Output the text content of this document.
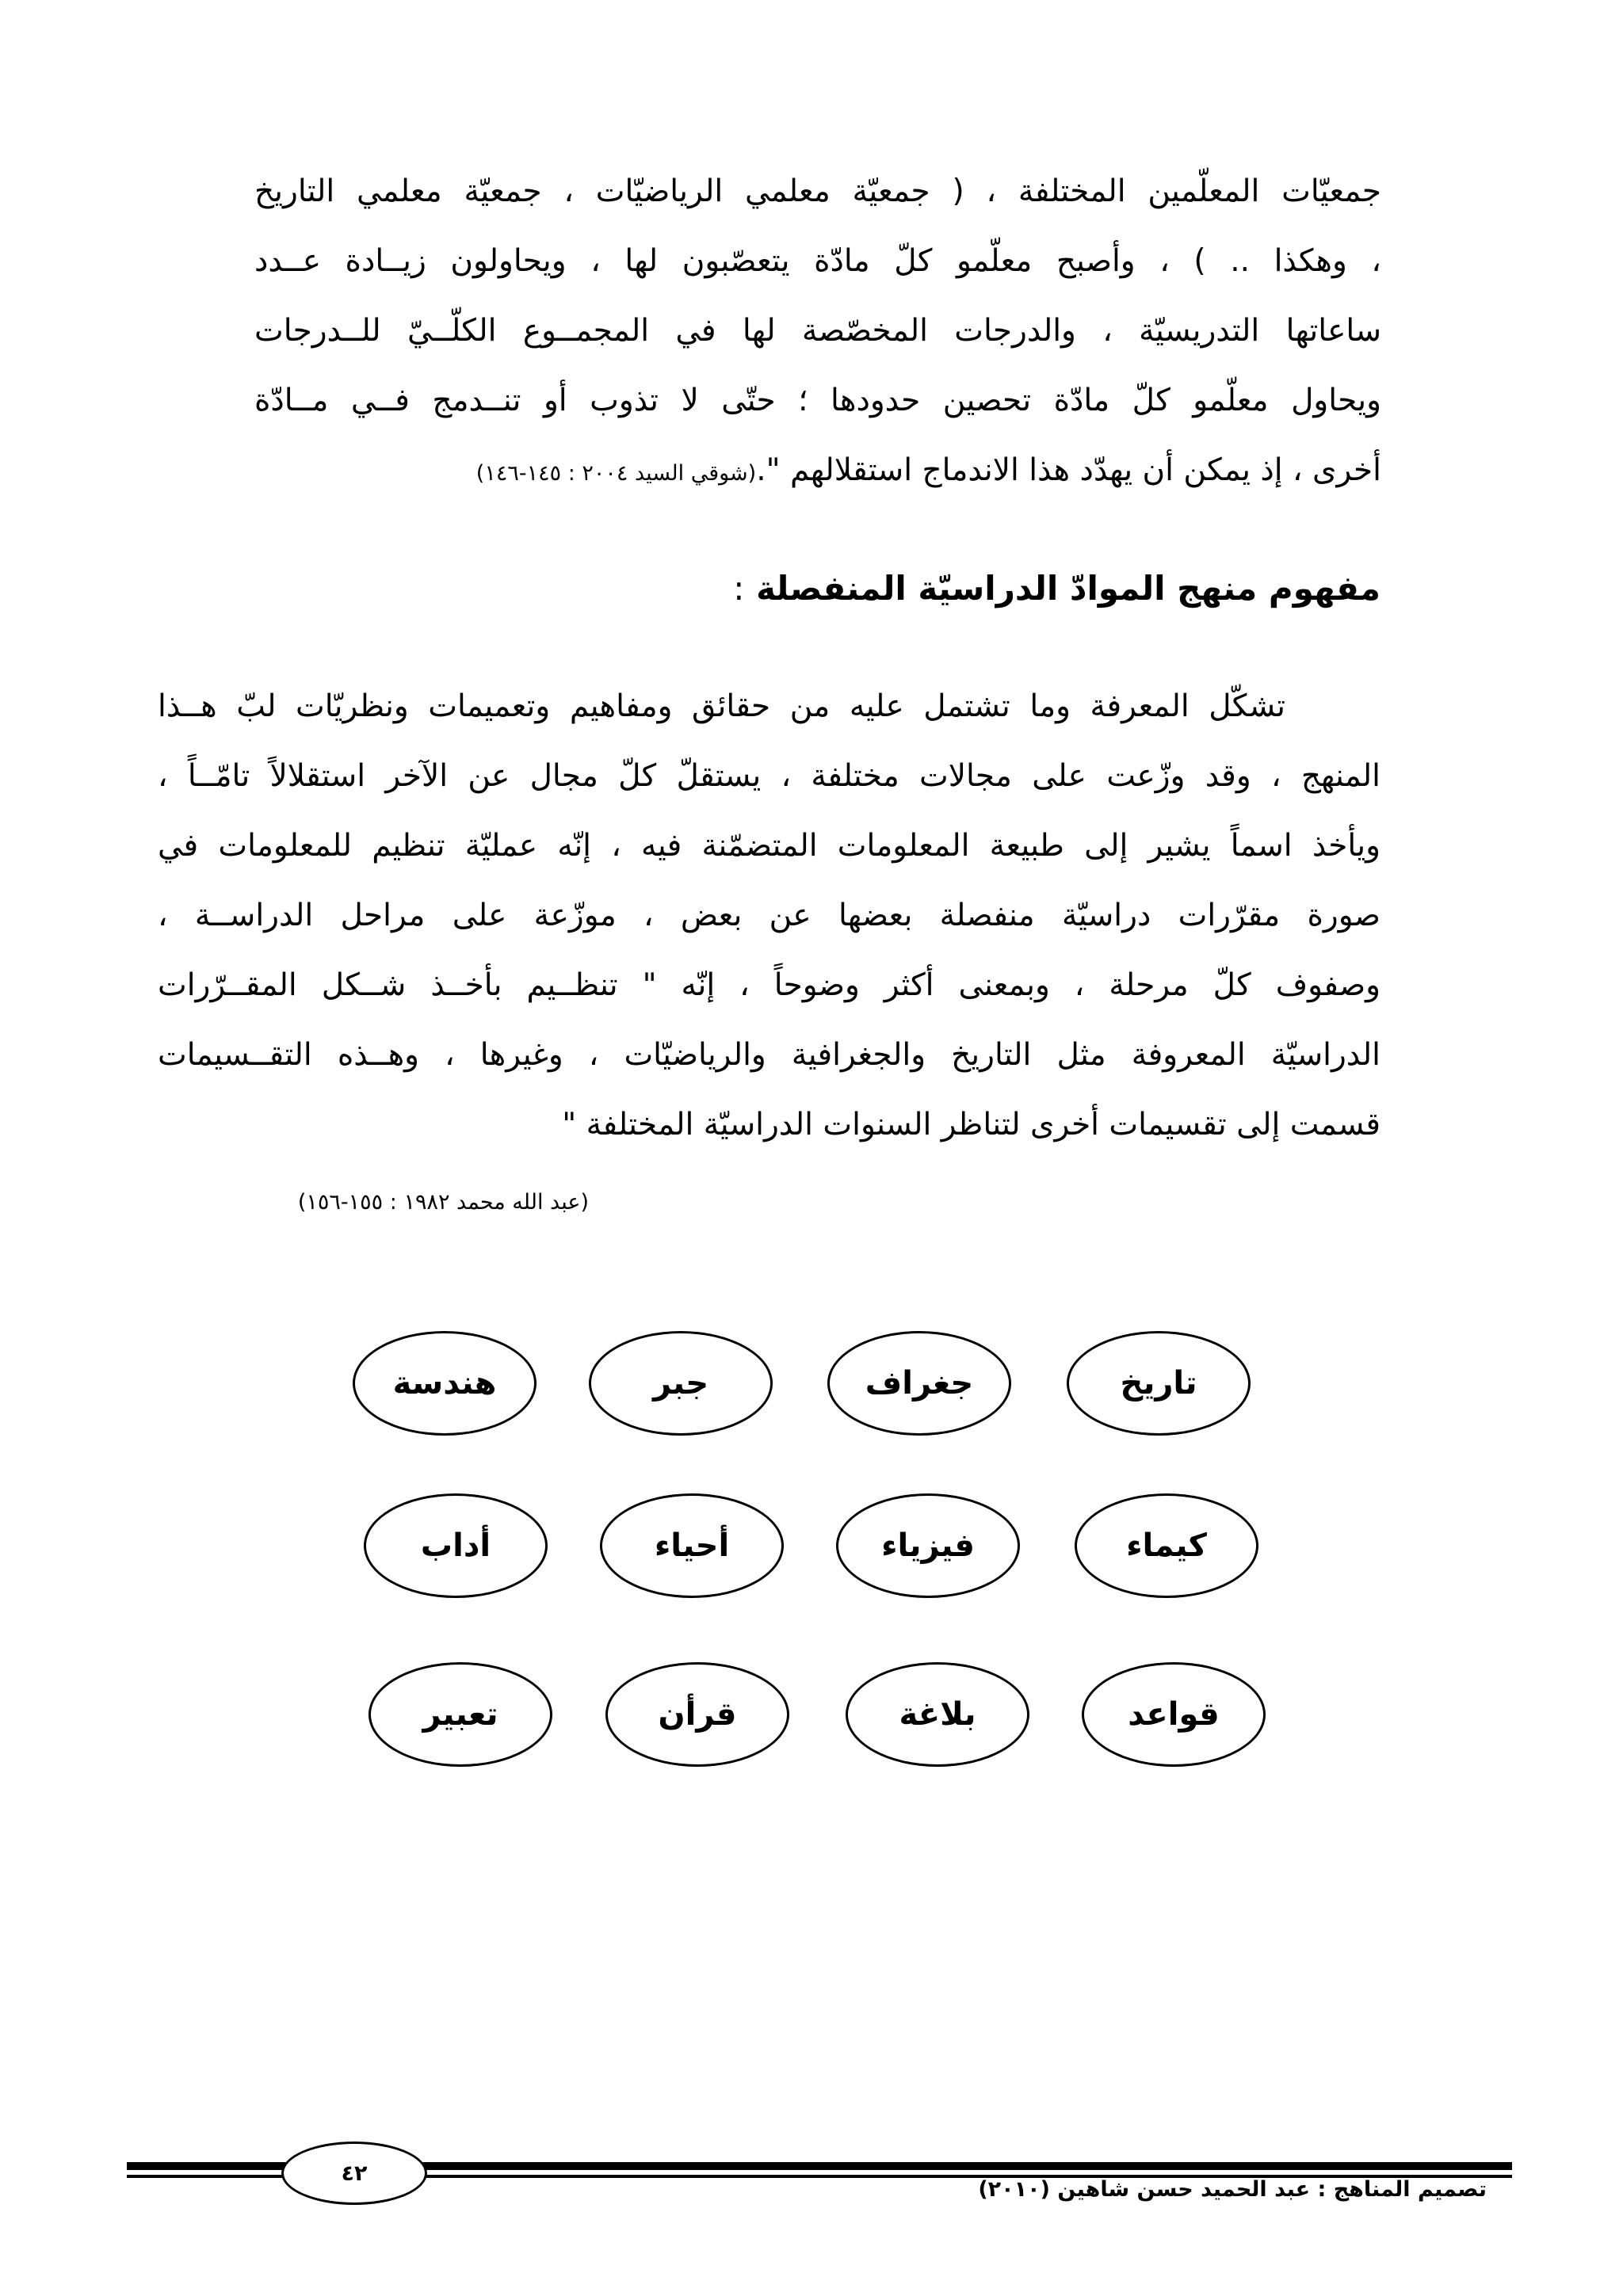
جمعيّات المعلّمين المختلفة ، ( جمعيّة معلمي الرياضيّات ، جمعيّة معلمي التاريخ
، وهكذا .. ) ، وأصبح معلّمو كلّ مادّة يتعصّبون لها ، ويحاولون زيــادة عــدد
ساعاتها التدريسيّة ، والدرجات المخصّصة لها في المجمــوع الكلّــيّ للــدرجات
ويحاول معلّمو كلّ مادّة تحصين حدودها ؛ حتّى لا تذوب أو تنــدمج فــي مــادّة
أخرى ، إذ يمكن أن يهدّد هذا الاندماج استقلالهم ".(شوقي السيد ٢٠٠٤ : ١٤٥-١٤٦)
مفهوم منهج الموادّ الدراسيّة المنفصلة :
تشكّل المعرفة وما تشتمل عليه من حقائق ومفاهيم وتعميمات ونظريّات لبّ هــذا
المنهج ، وقد وزّعت على مجالات مختلفة ، يستقلّ كلّ مجال عن الآخر استقلالاً تامّــاً ،
ويأخذ اسماً يشير إلى طبيعة المعلومات المتضمّنة فيه ، إنّه عمليّة تنظيم للمعلومات في
صورة مقرّرات دراسيّة منفصلة بعضها عن بعض ، موزّعة على مراحل الدراســة ،
وصفوف كلّ مرحلة ، وبمعنى أكثر وضوحاً ، إنّه " تنظــيم بأخــذ شــكل المقــرّرات
الدراسيّة المعروفة مثل التاريخ والجغرافية والرياضيّات ، وغيرها ، وهــذه التقــسيمات
قسمت إلى تقسيمات أخرى لتناظر السنوات الدراسيّة المختلفة "
(عبد الله محمد ١٩٨٢ : ١٥٥-١٥٦)
تاريخ
جغراف
جبر
هندسة
كيماء
فيزياء
أحياء
أداب
قواعد
بلاغة
قرأن
تعبير
٤٢
تصميم المناهج : عبد الحميد حسن شاهين (٢٠١٠)
